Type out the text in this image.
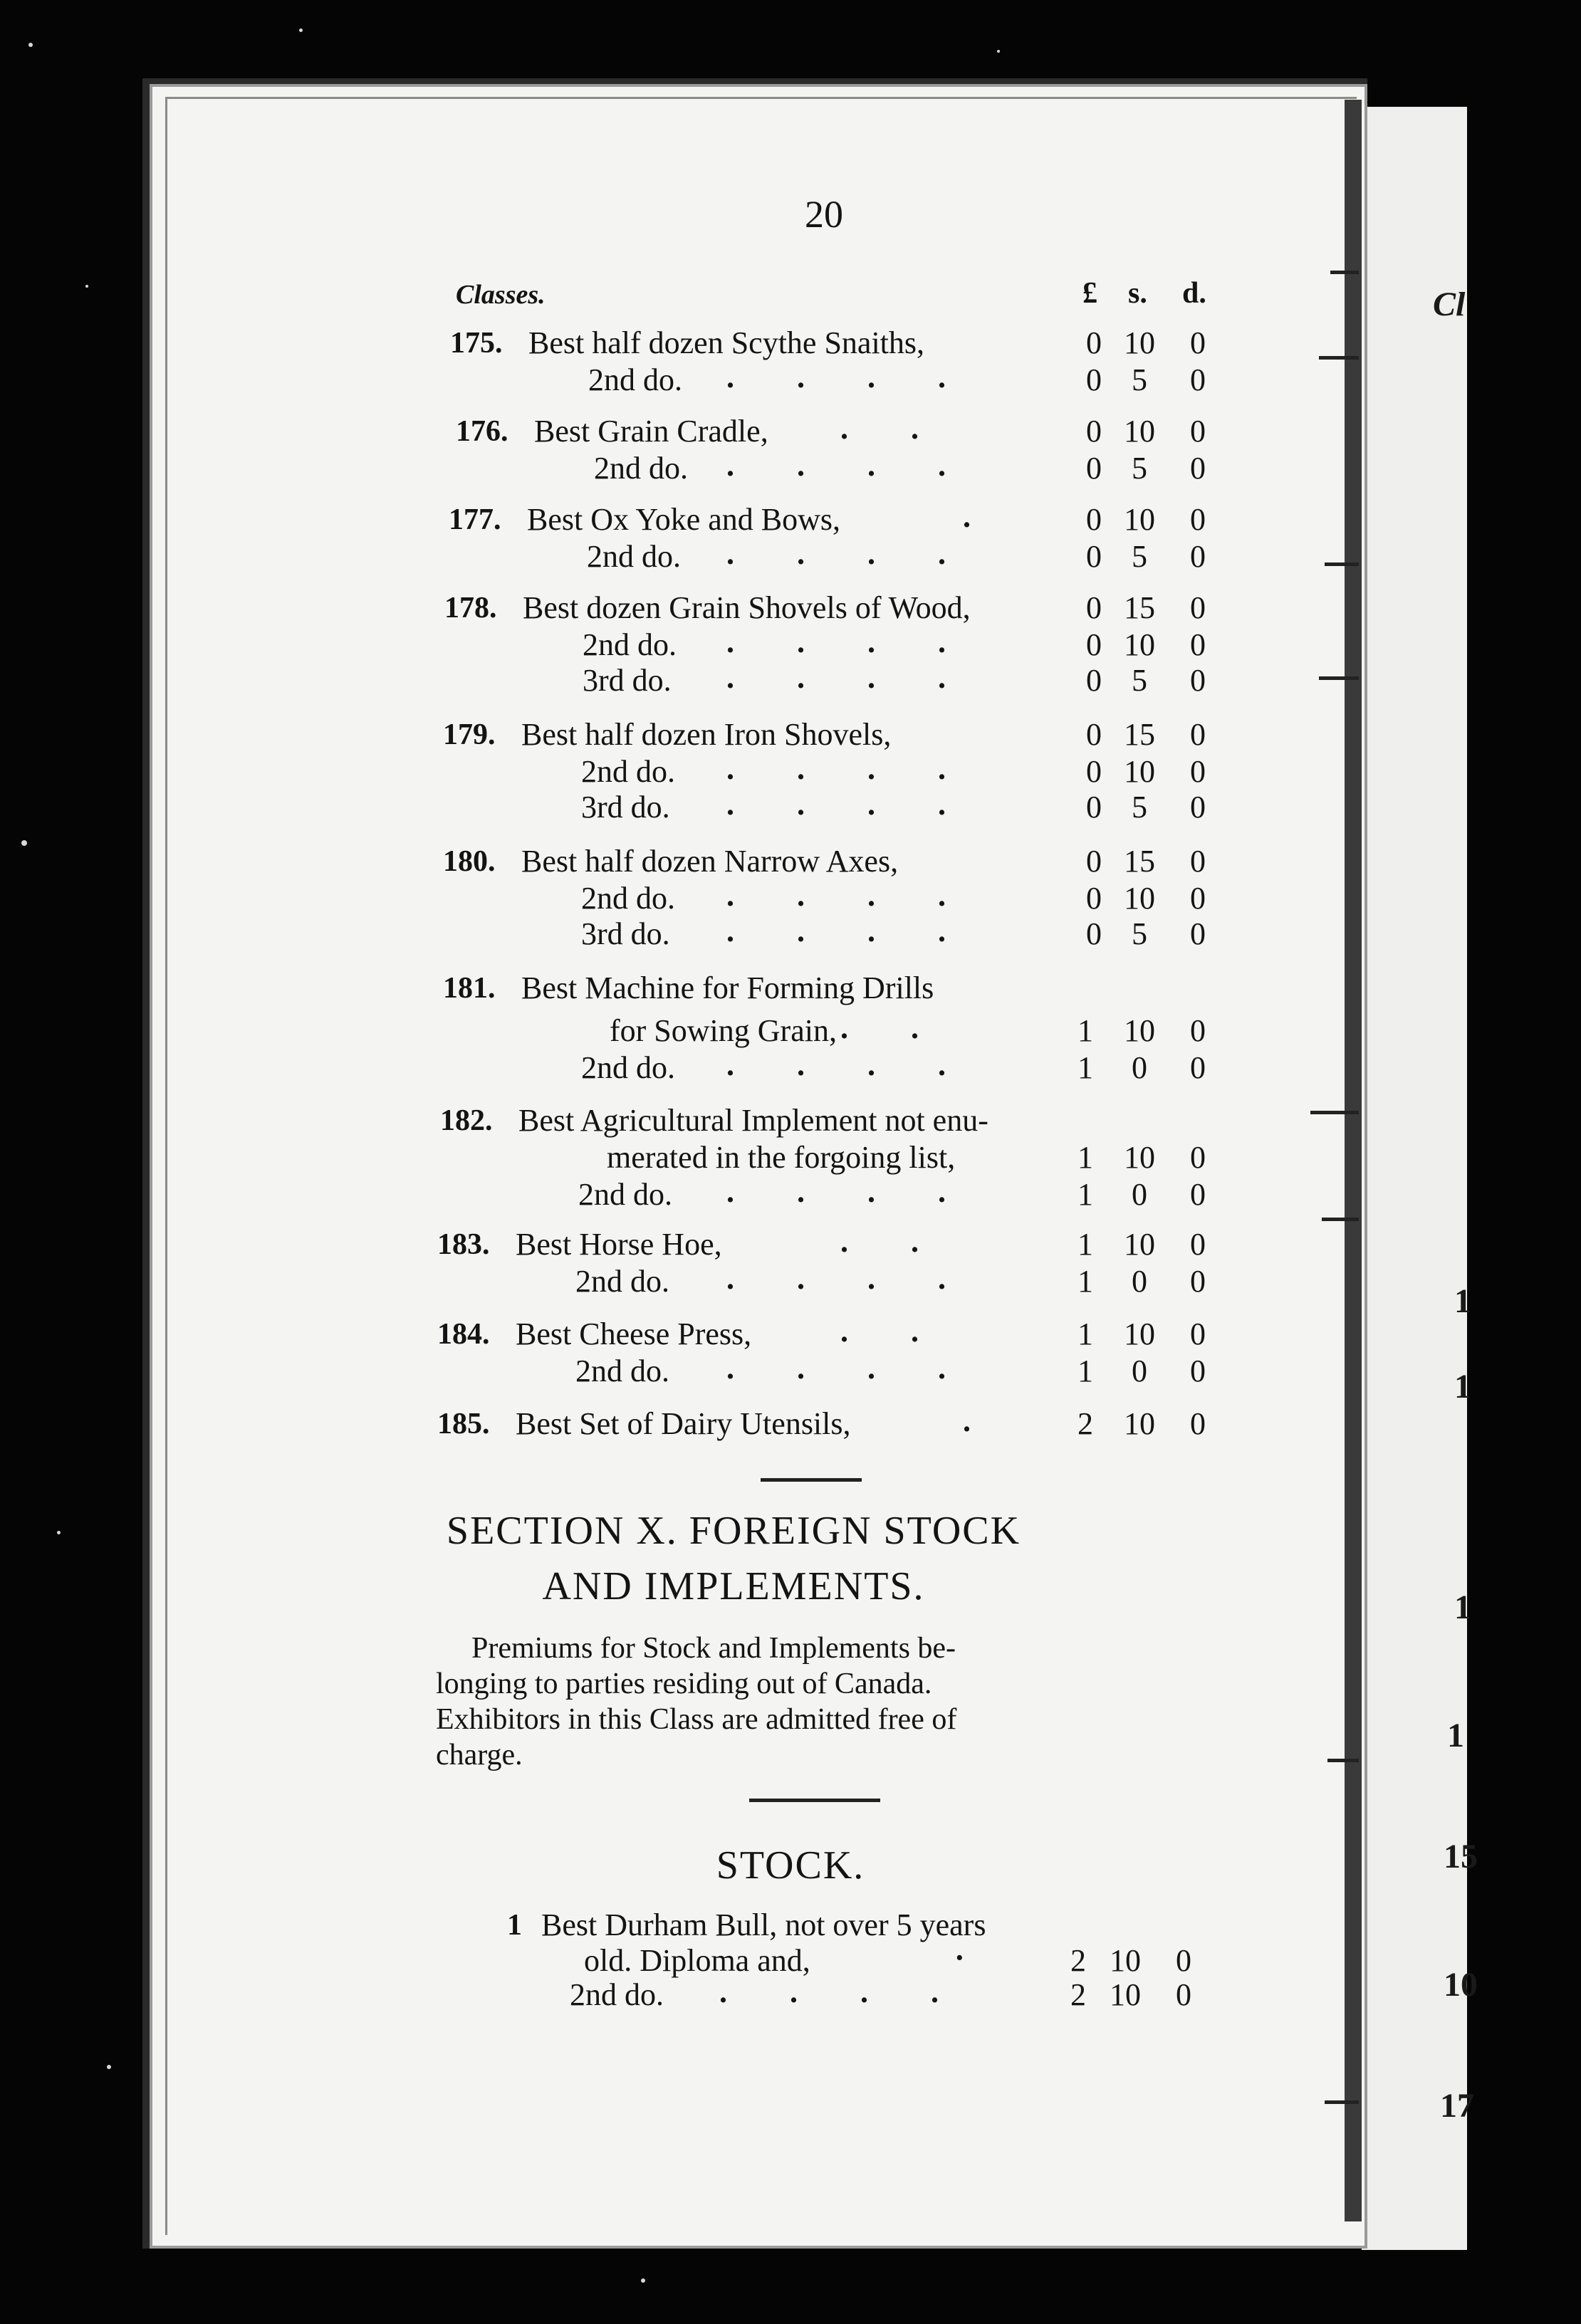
Cl
1
1
1
1
15
10
17
20
Classes.	£ s. d.
175. Best half dozen Scythe Snaiths,	0 10	0
2nd do. .        .        .        .	0 5	0
176. Best Grain Cradle, .        .	0 10	0
2nd do. .        .        .        .	0 5	0
177. Best Ox Yoke and Bows,	.	0 10	0
2nd do. .        .        .        .	0 5	0
178. Best dozen Grain Shovels of Wood,	0 15	0
2nd do. .        .        .        .	0 10	0
3rd do. .        .        .        .	0 5	0
179. Best half dozen Iron Shovels,	0 15	0
2nd do. .        .        .        .	0 10	0
3rd do. .        .        .        .	0 5	0
180. Best half dozen Narrow Axes,	0 15	0
2nd do. .        .        .        .	0 10	0
3rd do. .        .        .        .	0 5	0
181. Best Machine for Forming Drills
for Sowing Grain, .        .	1 10	0
2nd do. .        .        .        .	1	0	0
182. Best Agricultural Implement not enu-
merated in the forgoing list,	1 10	0
2nd do. .        .        .        .	1	0	0
183. Best Horse Hoe,	.        .	1 10	0
2nd do. .        .        .        .	1	0	0
184. Best Cheese Press,	.        .	1 10	0
2nd do. .        .        .        .	1	0	0
185. Best Set of Dairy Utensils,	.	2 10	0
SECTION X. FOREIGN STOCK
AND IMPLEMENTS.
Premiums for Stock and Implements be-
longing to parties residing out of Canada.
Exhibitors in this Class are admitted free of
charge.
STOCK.
1 Best Durham Bull, not over 5 years
old. Diploma and,	·	2 10	0
2nd do. .        .        .        .	2 10	0
